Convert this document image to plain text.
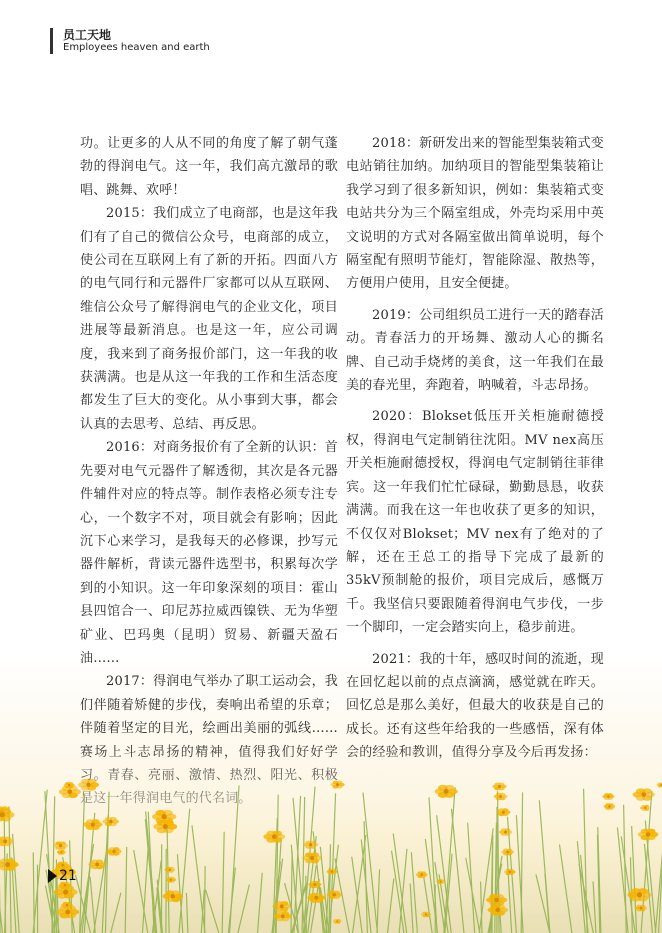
员工天地
Employees heaven and earth

功。让更多的人从不同的角度了解了朝气蓬勃的得润电气。这一年，我们高亢激昂的歌唱、跳舞、欢呼！

2015：我们成立了电商部，也是这年我们有了自己的微信公众号，电商部的成立，使公司在互联网上有了新的开拓。四面八方的电气同行和元器件厂家都可以从互联网、维信公众号了解得润电气的企业文化，项目进展等最新消息。也是这一年，应公司调度，我来到了商务报价部门，这一年我的收获满满。也是从这一年我的工作和生活态度都发生了巨大的变化。从小事到大事，都会认真的去思考、总结、再反思。

2016：对商务报价有了全新的认识：首先要对电气元器件了解透彻，其次是各元器件辅件对应的特点等。制作表格必须专注专心，一个数字不对，项目就会有影响；因此沉下心来学习，是我每天的必修课，抄写元器件解析，背读元器件选型书，积累每次学到的小知识。这一年印象深刻的项目：霍山县四馆合一、印尼苏拉威西镍铁、无为华塑矿业、巴玛奥（昆明）贸易、新疆天盈石油……

2017：得润电气举办了职工运动会，我们伴随着矫健的步伐，奏响出希望的乐章；伴随着坚定的目光，绘画出美丽的弧线……

2018：新研发出来的智能型集装箱式变电站销往加纳。加纳项目的智能型集装箱让我学习到了很多新知识，例如：集装箱式变电站共分为三个隔室组成，外壳均采用中英文说明的方式对各隔室做出简单说明，每个隔室配有照明节能灯，智能除湿、散热等，方便用户使用，且安全便捷。

2019：公司组织员工进行一天的踏春活动。青春活力的开场舞、激动人心的撕名牌、自己动手烧烤的美食，这一年我们在最美的春光里，奔跑着，呐喊着，斗志昂扬。

2020：Blokset低压开关柜施耐德授权，得润电气定制销往沈阳。MV nex高压开关柜施耐德授权，得润电气定制销往菲律宾。这一年我们忙忙碌碌，勤勤恳恳，收获满满。而我在这一年也收获了更多的知识，不仅仅对Blokset；MV nex有了绝对的了解，还在王总工的指导下完成了最新的35kV预制舱的报价，项目完成后，感慨万千。我坚信只要跟随着得润电气步伐，一步一个脚印，一定会踏实向上，稳步前进。

2021：我的十年，感叹时间的流逝，现在回忆起以前的点点滴滴，感觉就在昨天。回忆总是那么美好，但最大的收获是自己的成长。还有这些年给我的一些感悟，深有体

21
